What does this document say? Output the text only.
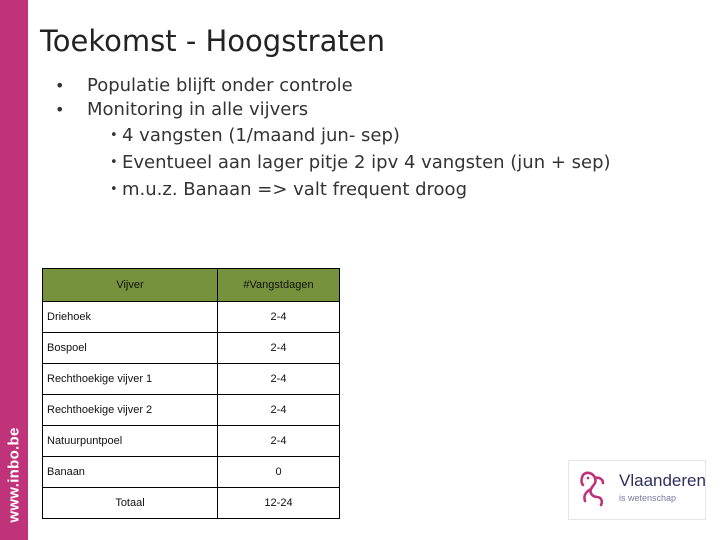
www.inbo.be
Toekomst - Hoogstraten
• Populatie blijft onder controle
• Monitoring in alle vijvers
• 4 vangsten (1/maand jun- sep)
• Eventueel aan lager pitje 2 ipv 4 vangsten (jun + sep)
• m.u.z. Banaan => valt frequent droog
Vijver	#Vangstdagen
Driehoek	2-4
Bospoel	2-4
Rechthoekige vijver 1	2-4
Rechthoekige vijver 2	2-4
Natuurpuntpoel	2-4
Banaan	0
Totaal	12-24
Vlaanderen
is wetenschap
